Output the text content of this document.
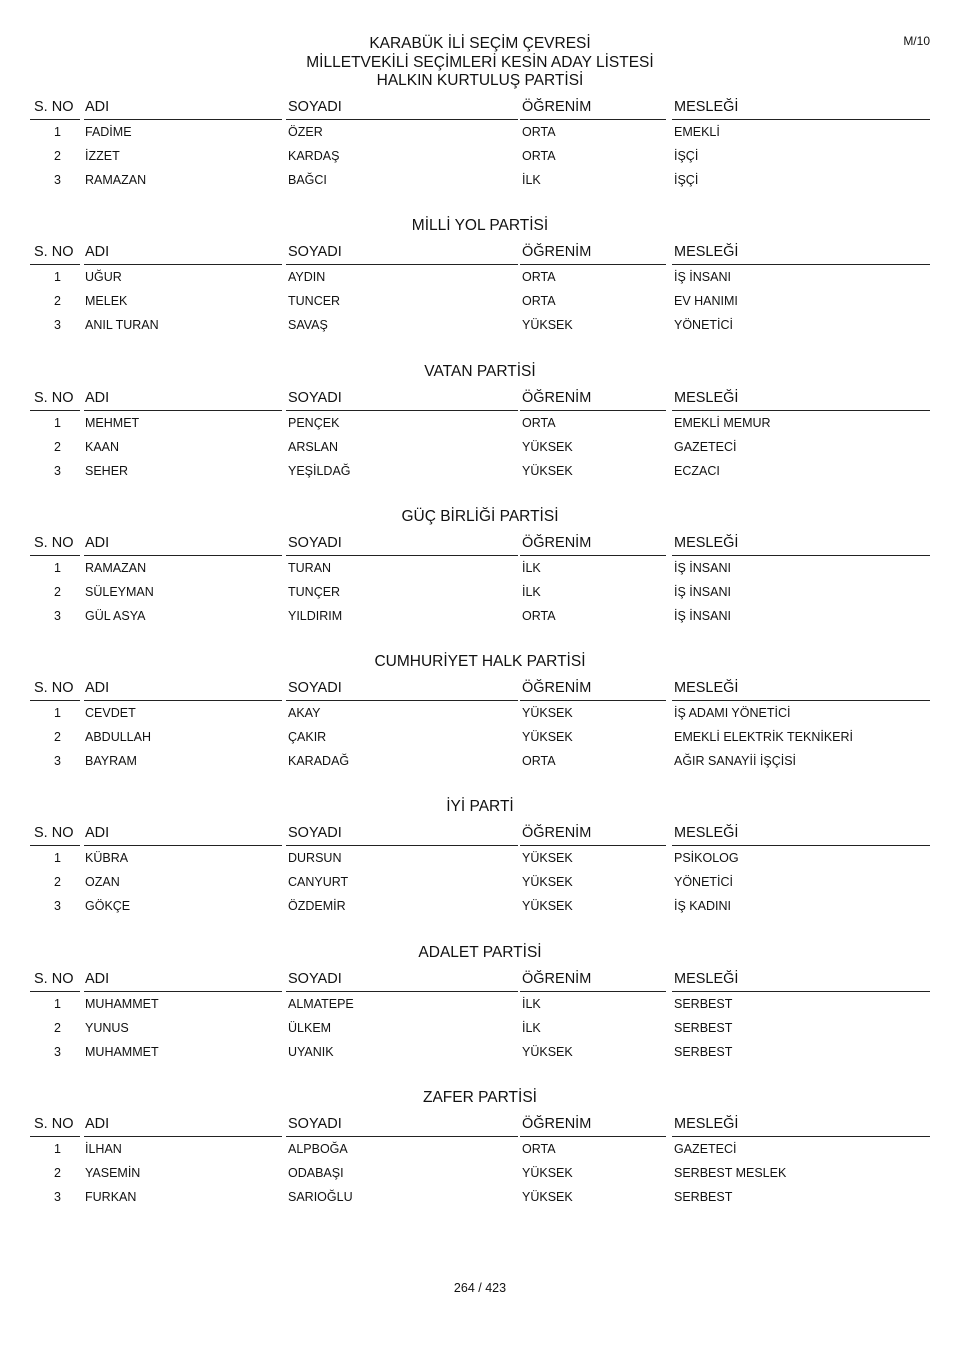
M/10
KARABÜK İLİ SEÇİM ÇEVRESİ
MİLLETVEKİLİ SEÇİMLERİ KESİN ADAY LİSTESİ
HALKIN KURTULUŞ PARTİSİ
S. NO ADI	SOYADI	ÖĞRENİM	MESLEĞİ
1 FADİME	ÖZER	ORTA	EMEKLİ
2 İZZET	KARDAŞ	ORTA	İŞÇİ
3 RAMAZAN	BAĞCI	İLK	İŞÇİ
MİLLİ YOL PARTİSİ
S. NO ADI	SOYADI	ÖĞRENİM	MESLEĞİ
1 UĞUR	AYDIN	ORTA	İŞ İNSANI
2 MELEK	TUNCER	ORTA	EV HANIMI
3 ANIL TURAN	SAVAŞ	YÜKSEK	YÖNETİCİ
VATAN PARTİSİ
S. NO ADI	SOYADI	ÖĞRENİM	MESLEĞİ
1 MEHMET	PENÇEK	ORTA	EMEKLİ MEMUR
2 KAAN	ARSLAN	YÜKSEK	GAZETECİ
3 SEHER	YEŞİLDAĞ	YÜKSEK	ECZACI
GÜÇ BİRLİĞİ PARTİSİ
S. NO ADI	SOYADI	ÖĞRENİM	MESLEĞİ
1 RAMAZAN	TURAN	İLK	İŞ İNSANI
2 SÜLEYMAN	TUNÇER	İLK	İŞ İNSANI
3 GÜL ASYA	YILDIRIM	ORTA	İŞ İNSANI
CUMHURİYET HALK PARTİSİ
S. NO ADI	SOYADI	ÖĞRENİM	MESLEĞİ
1 CEVDET	AKAY	YÜKSEK	İŞ ADAMI YÖNETİCİ
2 ABDULLAH	ÇAKIR	YÜKSEK	EMEKLİ ELEKTRİK TEKNİKERİ
3 BAYRAM	KARADAĞ	ORTA	AĞIR SANAYİİ İŞÇİSİ
İYİ PARTİ
S. NO ADI	SOYADI	ÖĞRENİM	MESLEĞİ
1 KÜBRA	DURSUN	YÜKSEK	PSİKOLOG
2 OZAN	CANYURT	YÜKSEK	YÖNETİCİ
3 GÖKÇE	ÖZDEMİR	YÜKSEK	İŞ KADINI
ADALET PARTİSİ
S. NO ADI	SOYADI	ÖĞRENİM	MESLEĞİ
1 MUHAMMET	ALMATEPE	İLK	SERBEST
2 YUNUS	ÜLKEM	İLK	SERBEST
3 MUHAMMET	UYANIK	YÜKSEK	SERBEST
ZAFER PARTİSİ
S. NO ADI	SOYADI	ÖĞRENİM	MESLEĞİ
1 İLHAN	ALPBOĞA	ORTA	GAZETECİ
2 YASEMİN	ODABAŞI	YÜKSEK	SERBEST MESLEK
3 FURKAN	SARIOĞLU	YÜKSEK	SERBEST
264 / 423
